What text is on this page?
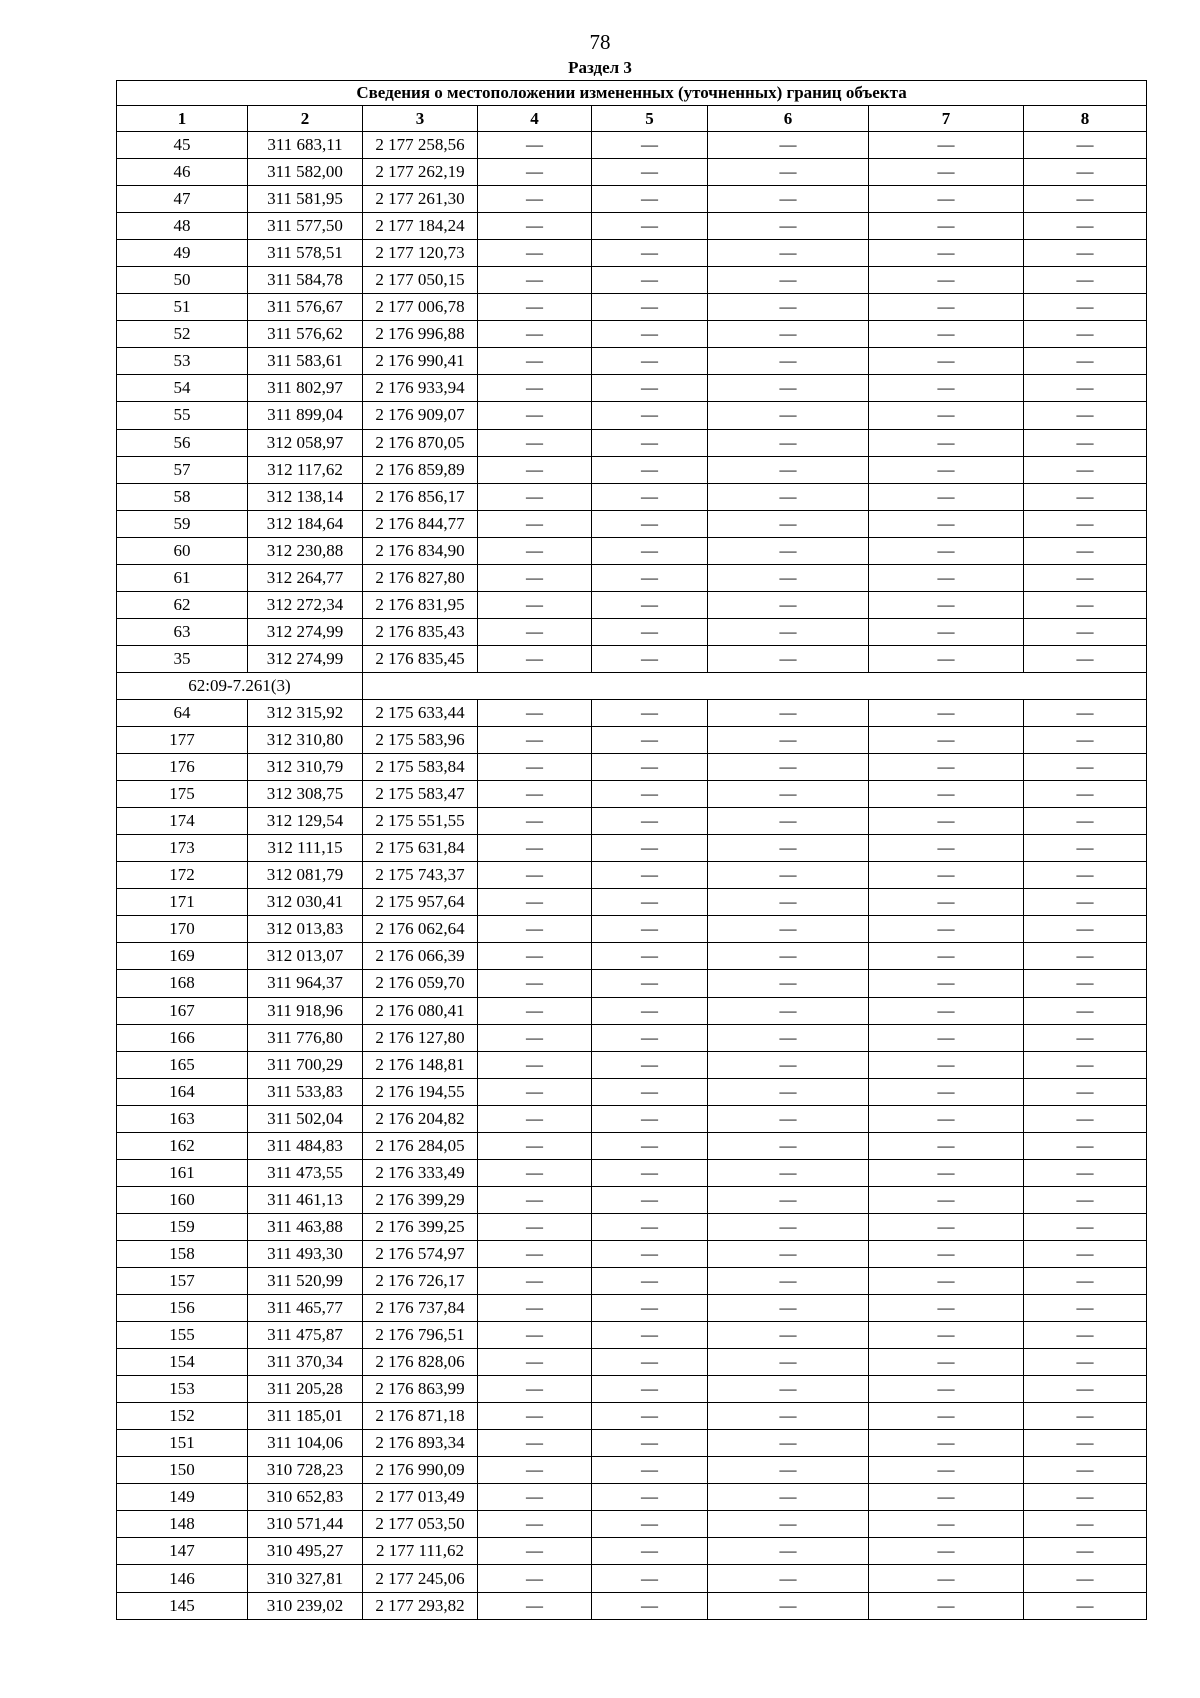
78
Раздел 3
Сведения о местоположении измененных (уточненных) границ объекта							
1	2	3	4	5	6	7	8
45	311 683,11	2 177 258,56	—	—	—	—	—
46	311 582,00	2 177 262,19	—	—	—	—	—
47	311 581,95	2 177 261,30	—	—	—	—	—
48	311 577,50	2 177 184,24	—	—	—	—	—
49	311 578,51	2 177 120,73	—	—	—	—	—
50	311 584,78	2 177 050,15	—	—	—	—	—
51	311 576,67	2 177 006,78	—	—	—	—	—
52	311 576,62	2 176 996,88	—	—	—	—	—
53	311 583,61	2 176 990,41	—	—	—	—	—
54	311 802,97	2 176 933,94	—	—	—	—	—
55	311 899,04	2 176 909,07	—	—	—	—	—
56	312 058,97	2 176 870,05	—	—	—	—	—
57	312 117,62	2 176 859,89	—	—	—	—	—
58	312 138,14	2 176 856,17	—	—	—	—	—
59	312 184,64	2 176 844,77	—	—	—	—	—
60	312 230,88	2 176 834,90	—	—	—	—	—
61	312 264,77	2 176 827,80	—	—	—	—	—
62	312 272,34	2 176 831,95	—	—	—	—	—
63	312 274,99	2 176 835,43	—	—	—	—	—
35	312 274,99	2 176 835,45	—	—	—	—	—
62:09-7.261(3)							
64	312 315,92	2 175 633,44	—	—	—	—	—
177	312 310,80	2 175 583,96	—	—	—	—	—
176	312 310,79	2 175 583,84	—	—	—	—	—
175	312 308,75	2 175 583,47	—	—	—	—	—
174	312 129,54	2 175 551,55	—	—	—	—	—
173	312 111,15	2 175 631,84	—	—	—	—	—
172	312 081,79	2 175 743,37	—	—	—	—	—
171	312 030,41	2 175 957,64	—	—	—	—	—
170	312 013,83	2 176 062,64	—	—	—	—	—
169	312 013,07	2 176 066,39	—	—	—	—	—
168	311 964,37	2 176 059,70	—	—	—	—	—
167	311 918,96	2 176 080,41	—	—	—	—	—
166	311 776,80	2 176 127,80	—	—	—	—	—
165	311 700,29	2 176 148,81	—	—	—	—	—
164	311 533,83	2 176 194,55	—	—	—	—	—
163	311 502,04	2 176 204,82	—	—	—	—	—
162	311 484,83	2 176 284,05	—	—	—	—	—
161	311 473,55	2 176 333,49	—	—	—	—	—
160	311 461,13	2 176 399,29	—	—	—	—	—
159	311 463,88	2 176 399,25	—	—	—	—	—
158	311 493,30	2 176 574,97	—	—	—	—	—
157	311 520,99	2 176 726,17	—	—	—	—	—
156	311 465,77	2 176 737,84	—	—	—	—	—
155	311 475,87	2 176 796,51	—	—	—	—	—
154	311 370,34	2 176 828,06	—	—	—	—	—
153	311 205,28	2 176 863,99	—	—	—	—	—
152	311 185,01	2 176 871,18	—	—	—	—	—
151	311 104,06	2 176 893,34	—	—	—	—	—
150	310 728,23	2 176 990,09	—	—	—	—	—
149	310 652,83	2 177 013,49	—	—	—	—	—
148	310 571,44	2 177 053,50	—	—	—	—	—
147	310 495,27	2 177 111,62	—	—	—	—	—
146	310 327,81	2 177 245,06	—	—	—	—	—
145	310 239,02	2 177 293,82	—	—	—	—	—
